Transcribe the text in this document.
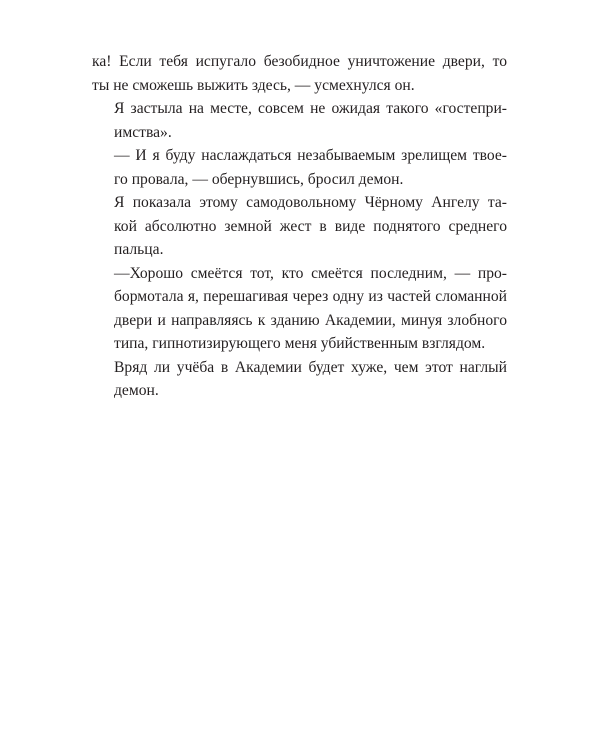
ка! Если тебя испугало безобидное уничтожение двери, то
ты не сможешь выжить здесь, — усмехнулся он.

Я застыла на месте, совсем не ожидая такого «гостепри-
имства».

— И я буду наслаждаться незабываемым зрелищем твое-
го провала, — обернувшись, бросил демон.

Я показала этому самодовольному Чёрному Ангелу та-
кой абсолютно земной жест в виде поднятого среднего
пальца.

—Хорошо смеётся тот, кто смеётся последним, — про-
бормотала я, перешагивая через одну из частей сломанной
двери и направляясь к зданию Академии, минуя злобного
типа, гипнотизирующего меня убийственным взглядом.

Вряд ли учёба в Академии будет хуже, чем этот наглый
демон.
